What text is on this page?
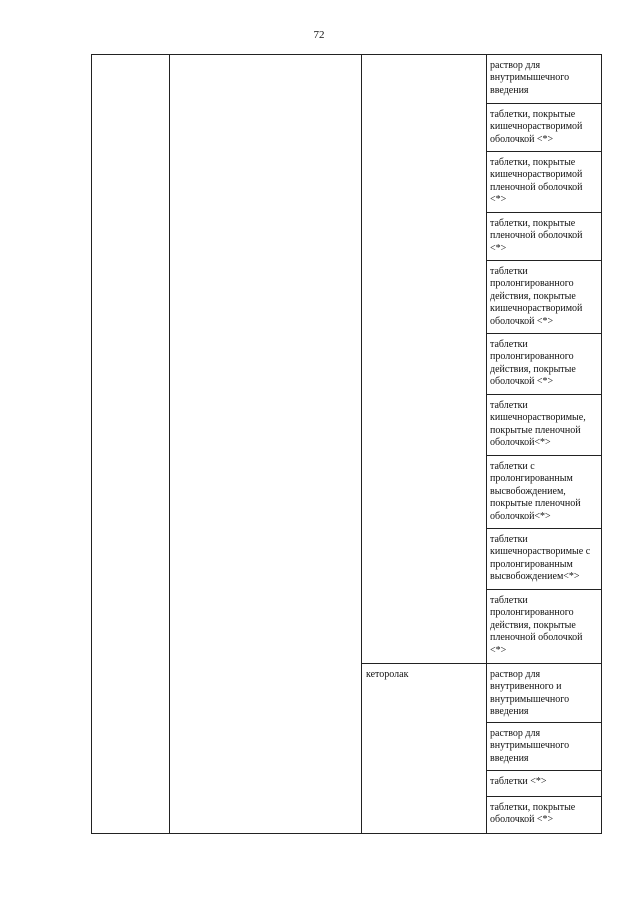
72

			раствор для внутримышечного введения

			таблетки, покрытые кишечнорастворимой оболочкой <*>

			таблетки, покрытые кишечнорастворимой пленочной оболочкой <*>

			таблетки, покрытые пленочной оболочкой <*>

			таблетки пролонгированного действия, покрытые кишечнорастворимой оболочкой <*>

			таблетки пролонгированного действия, покрытые оболочкой <*>

			таблетки кишечнорастворимые, покрытые пленочной оболочкой<*>

			таблетки с пролонгированным высвобождением, покрытые пленочной оболочкой<*>

			таблетки кишечнорастворимые с пролонгированным высвобождением<*>

			таблетки пролонгированного действия, покрытые пленочной оболочкой <*>

		кеторолак	раствор для внутривенного и внутримышечного введения

			раствор для внутримышечного введения

			таблетки <*>

			таблетки, покрытые оболочкой <*>
